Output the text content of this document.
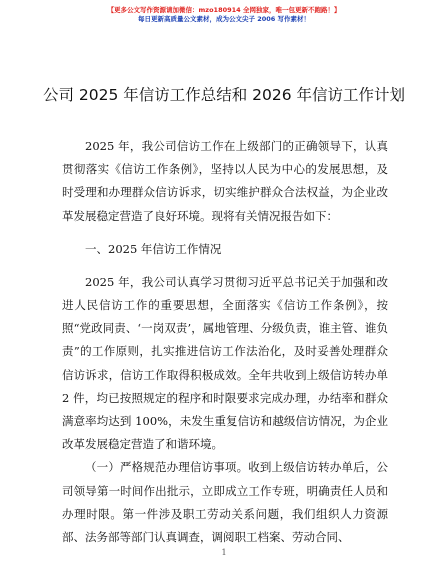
【更多公文写作资源请加微信：mzo180914 全网独家，唯一包更新不跑路！】
每日更新高质量公文素材，成为公文尖子 2006 写作素材！
公司 2025 年信访工作总结和 2026 年信访工作计划

2025 年，我公司信访工作在上级部门的正确领导下，认真贯彻落实《信访工作条例》，坚持以人民为中心的发展思想，及时受理和办理群众信访诉求，切实维护群众合法权益，为企业改革发展稳定营造了良好环境。现将有关情况报告如下：

一、2025 年信访工作情况

2025 年，我公司认真学习贯彻习近平总书记关于加强和改进人民信访工作的重要思想，全面落实《信访工作条例》，按照“党政同责、‘一岗双责’，属地管理、分级负责，谁主管、谁负责”的工作原则，扎实推进信访工作法治化，及时妥善处理群众信访诉求，信访工作取得积极成效。全年共收到上级信访转办单 2 件，均已按照规定的程序和时限要求完成办理，办结率和群众满意率均达到 100%，未发生重复信访和越级信访情况，为企业改革发展稳定营造了和谐环境。

（一）严格规范办理信访事项。收到上级信访转办单后，公司领导第一时间作出批示，立即成立工作专班，明确责任人员和办理时限。第一件涉及职工劳动关系问题，我们组织人力资源部、法务部等部门认真调查，调阅职工档案、劳动合同、

1
